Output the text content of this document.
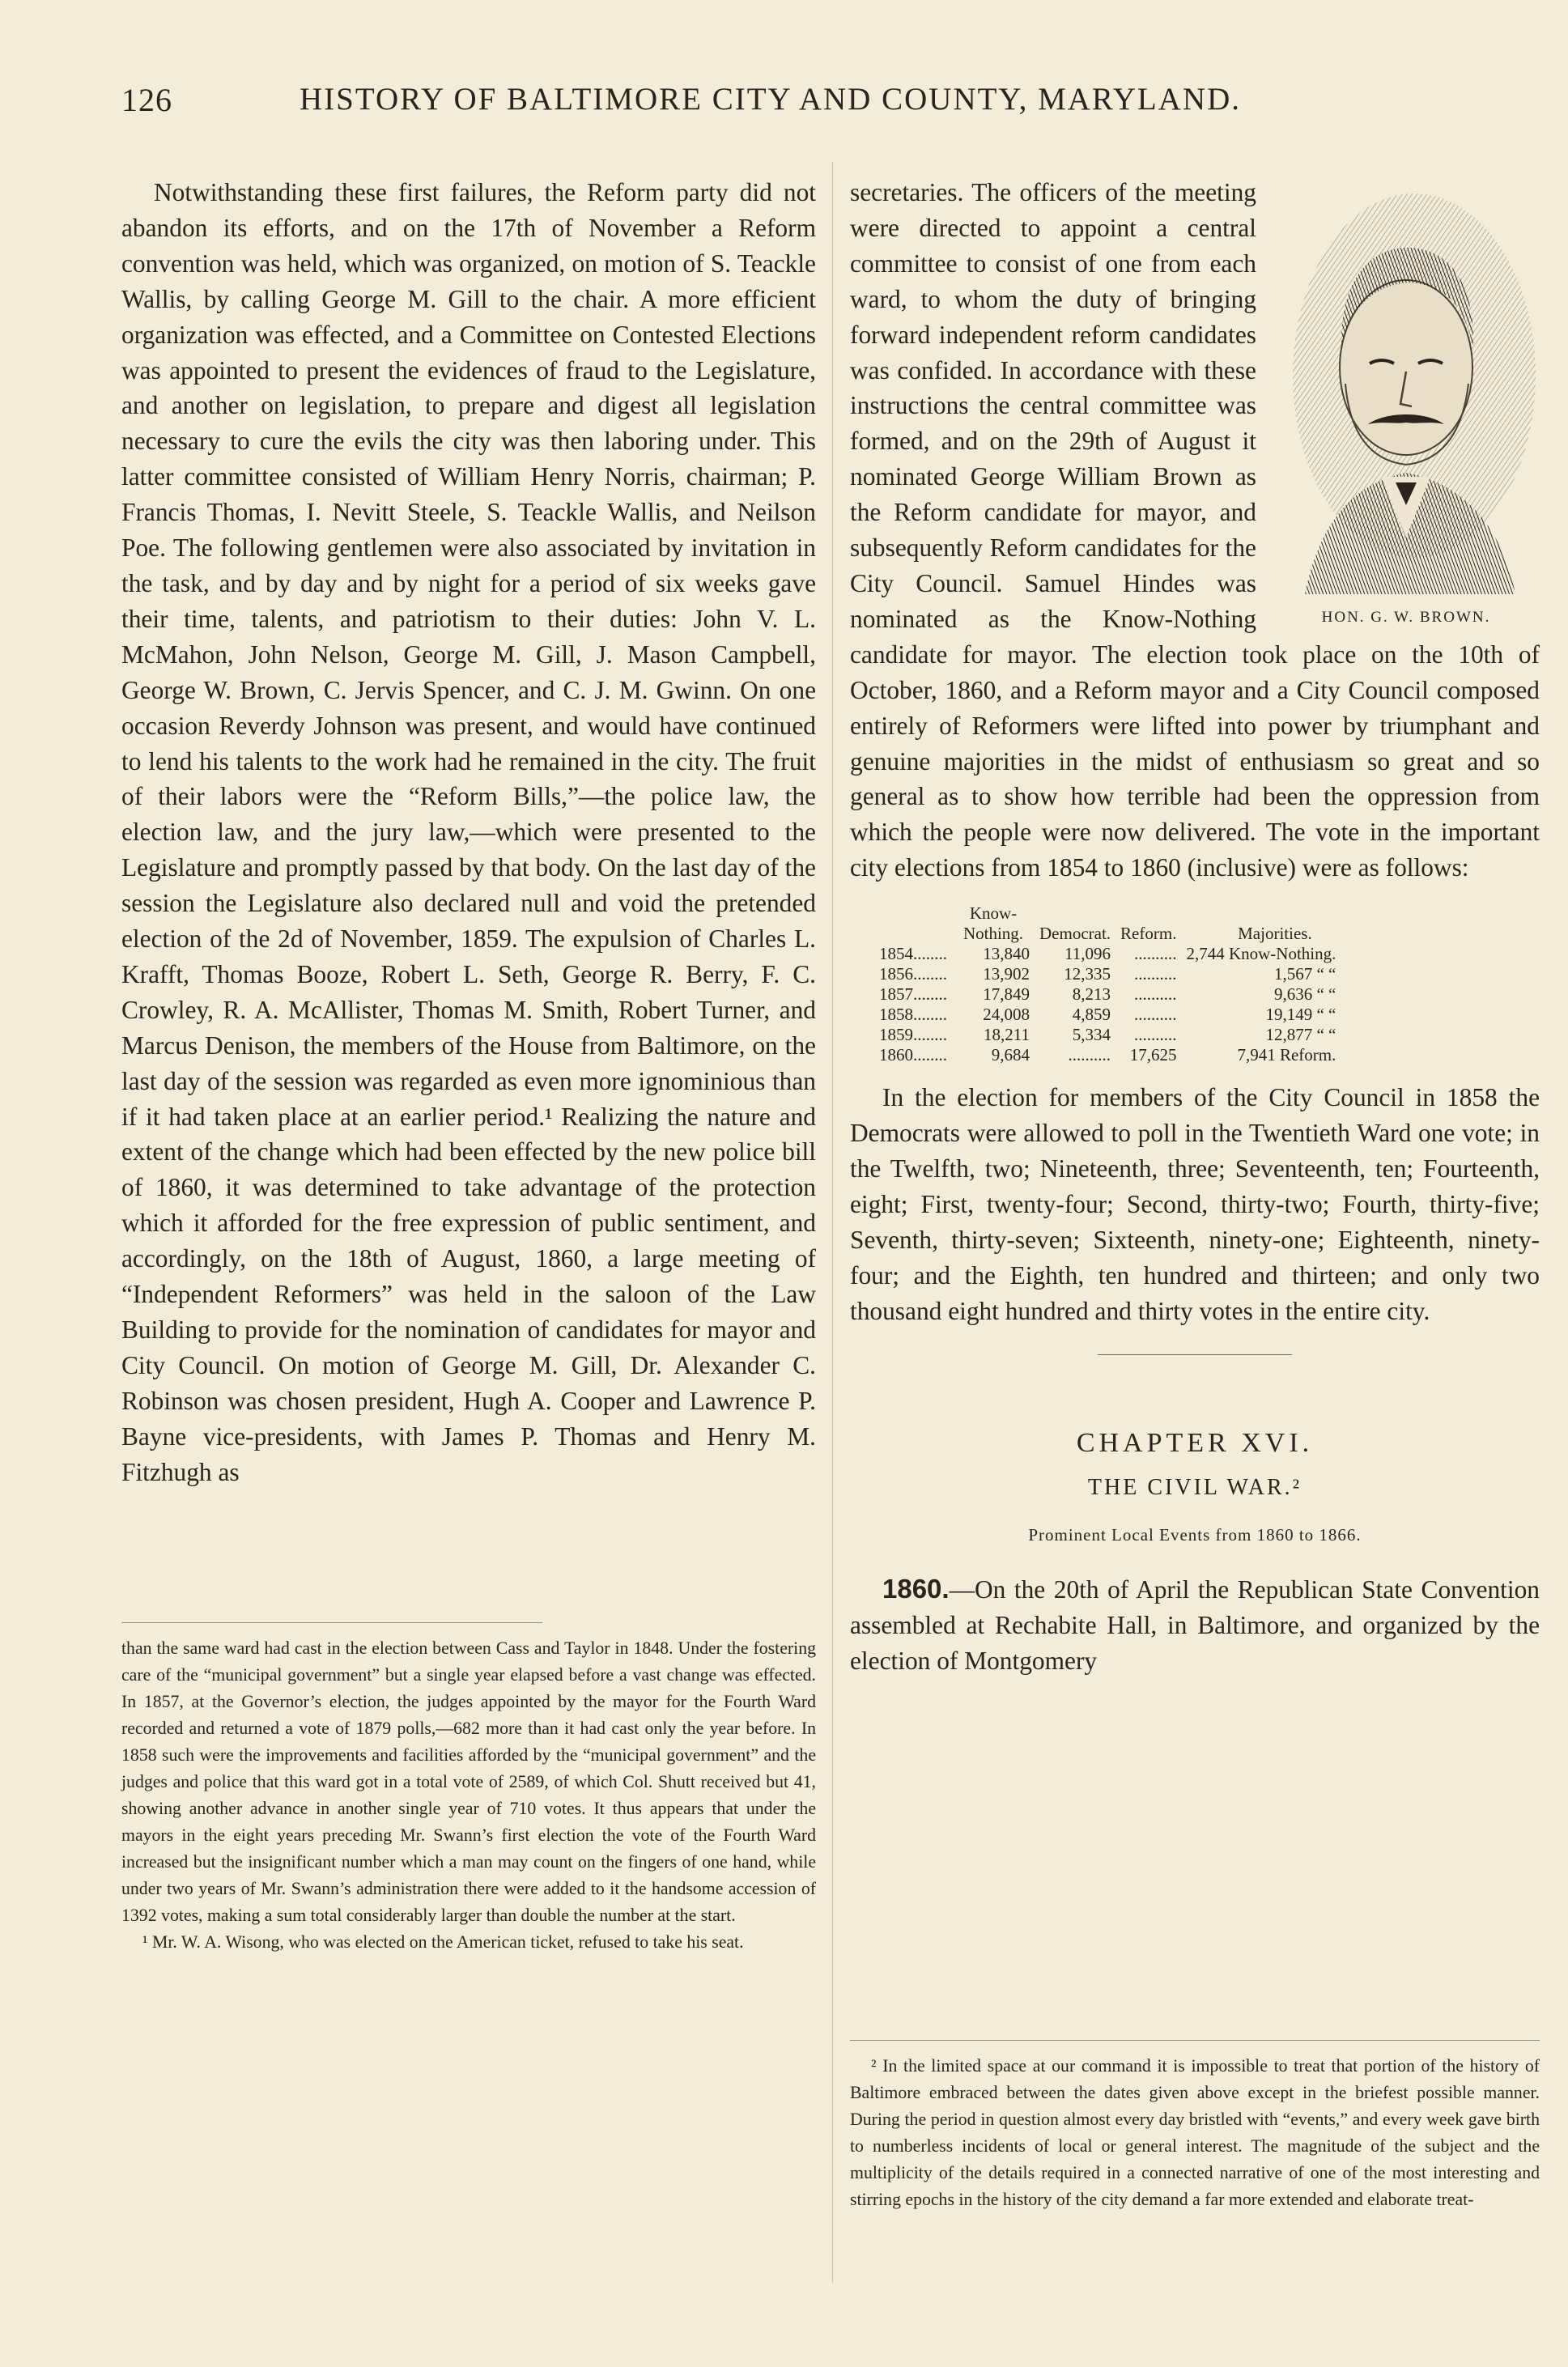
126	HISTORY OF BALTIMORE CITY AND COUNTY, MARYLAND.

Notwithstanding these first failures, the Reform party did not abandon its efforts, and on the 17th of November a Reform convention was held, which was organized, on motion of S. Teackle Wallis, by calling George M. Gill to the chair. A more efficient organization was effected, and a Committee on Contested Elections was appointed to present the evidences of fraud to the Legislature, and another on legislation, to prepare and digest all legislation necessary to cure the evils the city was then laboring under. This latter committee consisted of William Henry Norris, chairman; P. Francis Thomas, I. Nevitt Steele, S. Teackle Wallis, and Neilson Poe. The following gentlemen were also associated by invitation in the task, and by day and by night for a period of six weeks gave their time, talents, and patriotism to their duties: John V. L. McMahon, John Nelson, George M. Gill, J. Mason Campbell, George W. Brown, C. Jervis Spencer, and C. J. M. Gwinn. On one occasion Reverdy Johnson was present, and would have continued to lend his talents to the work had he remained in the city. The fruit of their labors were the “Reform Bills,”—the police law, the election law, and the jury law,—which were presented to the Legislature and promptly passed by that body. On the last day of the session the Legislature also declared null and void the pretended election of the 2d of November, 1859. The expulsion of Charles L. Krafft, Thomas Booze, Robert L. Seth, George R. Berry, F. C. Crowley, R. A. McAllister, Thomas M. Smith, Robert Turner, and Marcus Denison, the members of the House from Baltimore, on the last day of the session was regarded as even more ignominious than if it had taken place at an earlier period.¹ Realizing the nature and extent of the change which had been effected by the new police bill of 1860, it was determined to take advantage of the protection which it afforded for the free expression of public sentiment, and accordingly, on the 18th of August, 1860, a large meeting of “Independent Reformers” was held in the saloon of the Law Building to provide for the nomination of candidates for mayor and City Council. On motion of George M. Gill, Dr. Alexander C. Robinson was chosen president, Hugh A. Cooper and Lawrence P. Bayne vice-presidents, with James P. Thomas and Henry M. Fitzhugh as

than the same ward had cast in the election between Cass and Taylor in 1848. Under the fostering care of the “municipal government” but a single year elapsed before a vast change was effected. In 1857, at the Governor’s election, the judges appointed by the mayor for the Fourth Ward recorded and returned a vote of 1879 polls,—682 more than it had cast only the year before. In 1858 such were the improvements and facilities afforded by the “municipal government” and the judges and police that this ward got in a total vote of 2589, of which Col. Shutt received but 41, showing another advance in another single year of 710 votes. It thus appears that under the mayors in the eight years preceding Mr. Swann’s first election the vote of the Fourth Ward increased but the insignificant number which a man may count on the fingers of one hand, while under two years of Mr. Swann’s administration there were added to it the handsome accession of 1392 votes, making a sum total considerably larger than double the number at the start.

¹ Mr. W. A. Wisong, who was elected on the American ticket, refused to take his seat.

HON. G. W. BROWN.

secretaries. The officers of the meeting were directed to appoint a central committee to consist of one from each ward, to whom the duty of bringing forward independent reform candidates was confided. In accordance with these instructions the central committee was formed, and on the 29th of August it nominated George William Brown as the Reform candidate for mayor, and subsequently Reform candidates for the City Council. Samuel Hindes was nominated as the Know-Nothing candidate for mayor. The election took place on the 10th of October, 1860, and a Reform mayor and a City Council composed entirely of Reformers were lifted into power by triumphant and genuine majorities in the midst of enthusiasm so great and so general as to show how terrible had been the oppression from which the people were now delivered. The vote in the important city elections from 1854 to 1860 (inclusive) were as follows:

	Know-Nothing.	Democrat.	Reform.	Majorities.
1854........	13,840	11,096	..........	2,744 Know-Nothing.
1856........	13,902	12,335	..........	1,567 “ “
1857........	17,849	8,213	..........	9,636 “ “
1858........	24,008	4,859	..........	19,149 “ “
1859........	18,211	5,334	..........	12,877 “ “
1860........	9,684	..........	17,625	7,941 Reform.

In the election for members of the City Council in 1858 the Democrats were allowed to poll in the Twentieth Ward one vote; in the Twelfth, two; Nineteenth, three; Seventeenth, ten; Fourteenth, eight; First, twenty-four; Second, thirty-two; Fourth, thirty-five; Seventh, thirty-seven; Sixteenth, ninety-one; Eighteenth, ninety-four; and the Eighth, ten hundred and thirteen; and only two thousand eight hundred and thirty votes in the entire city.

CHAPTER XVI.
THE CIVIL WAR.²
Prominent Local Events from 1860 to 1866.

1860.—On the 20th of April the Republican State Convention assembled at Rechabite Hall, in Baltimore, and organized by the election of Montgomery

² In the limited space at our command it is impossible to treat that portion of the history of Baltimore embraced between the dates given above except in the briefest possible manner. During the period in question almost every day bristled with “events,” and every week gave birth to numberless incidents of local or general interest. The magnitude of the subject and the multiplicity of the details required in a connected narrative of one of the most interesting and stirring epochs in the history of the city demand a far more extended and elaborate treat-
